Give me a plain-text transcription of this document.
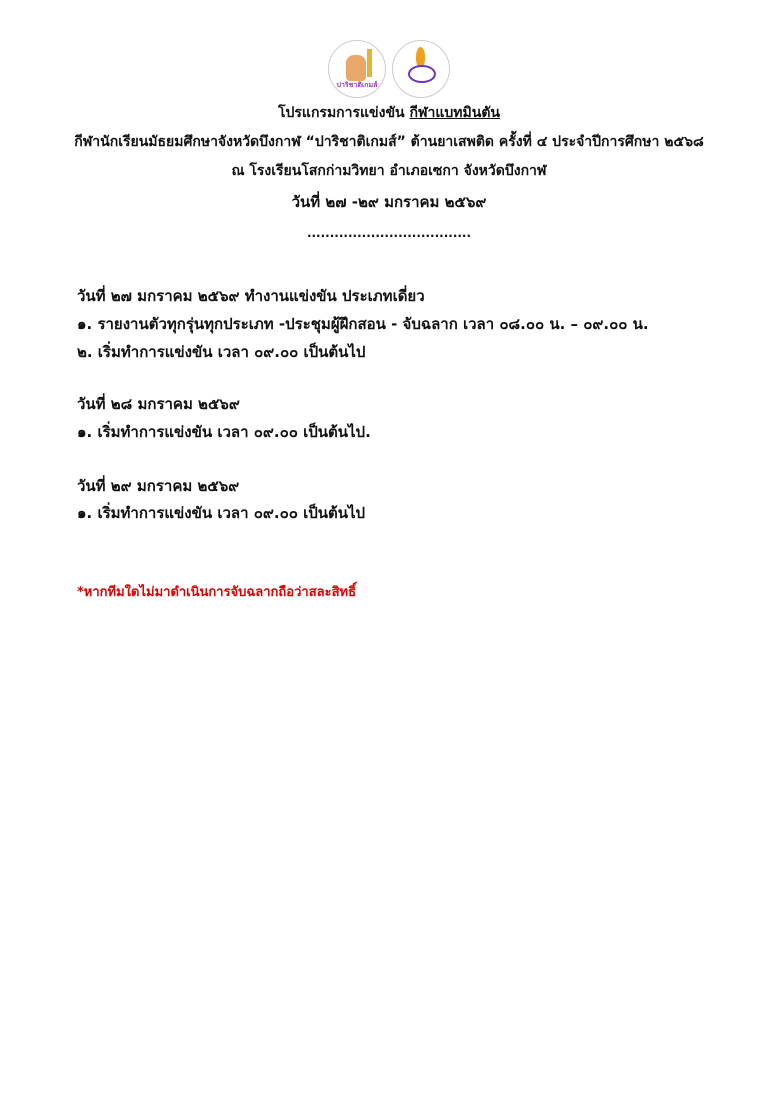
ปาริชาติเกมส์
โปรแกรมการแข่งขัน กีฬาแบทมินตัน
กีฬานักเรียนมัธยมศึกษาจังหวัดบึงกาฬ “ปาริชาติเกมส์” ต้านยาเสพติด ครั้งที่ ๔ ประจำปีการศึกษา ๒๕๖๘
ณ โรงเรียนโสกก่ามวิทยา อำเภอเซกา จังหวัดบึงกาฬ
วันที่ ๒๗ -๒๙ มกราคม ๒๕๖๙
....................................
วันที่ ๒๗ มกราคม ๒๕๖๙ ทำงานแข่งขัน ประเภทเดี่ยว
๑. รายงานตัวทุกรุ่นทุกประเภท -ประชุมผู้ฝึกสอน - จับฉลาก เวลา ๐๘.๐๐ น. – ๐๙.๐๐ น.
๒. เริ่มทำการแข่งขัน เวลา ๐๙.๐๐ เป็นต้นไป
วันที่ ๒๘ มกราคม ๒๕๖๙
๑. เริ่มทำการแข่งขัน เวลา ๐๙.๐๐ เป็นต้นไป.
วันที่ ๒๙ มกราคม ๒๕๖๙
๑. เริ่มทำการแข่งขัน เวลา ๐๙.๐๐ เป็นต้นไป
*หากทีมใดไม่มาดำเนินการจับฉลากถือว่าสละสิทธิ์
